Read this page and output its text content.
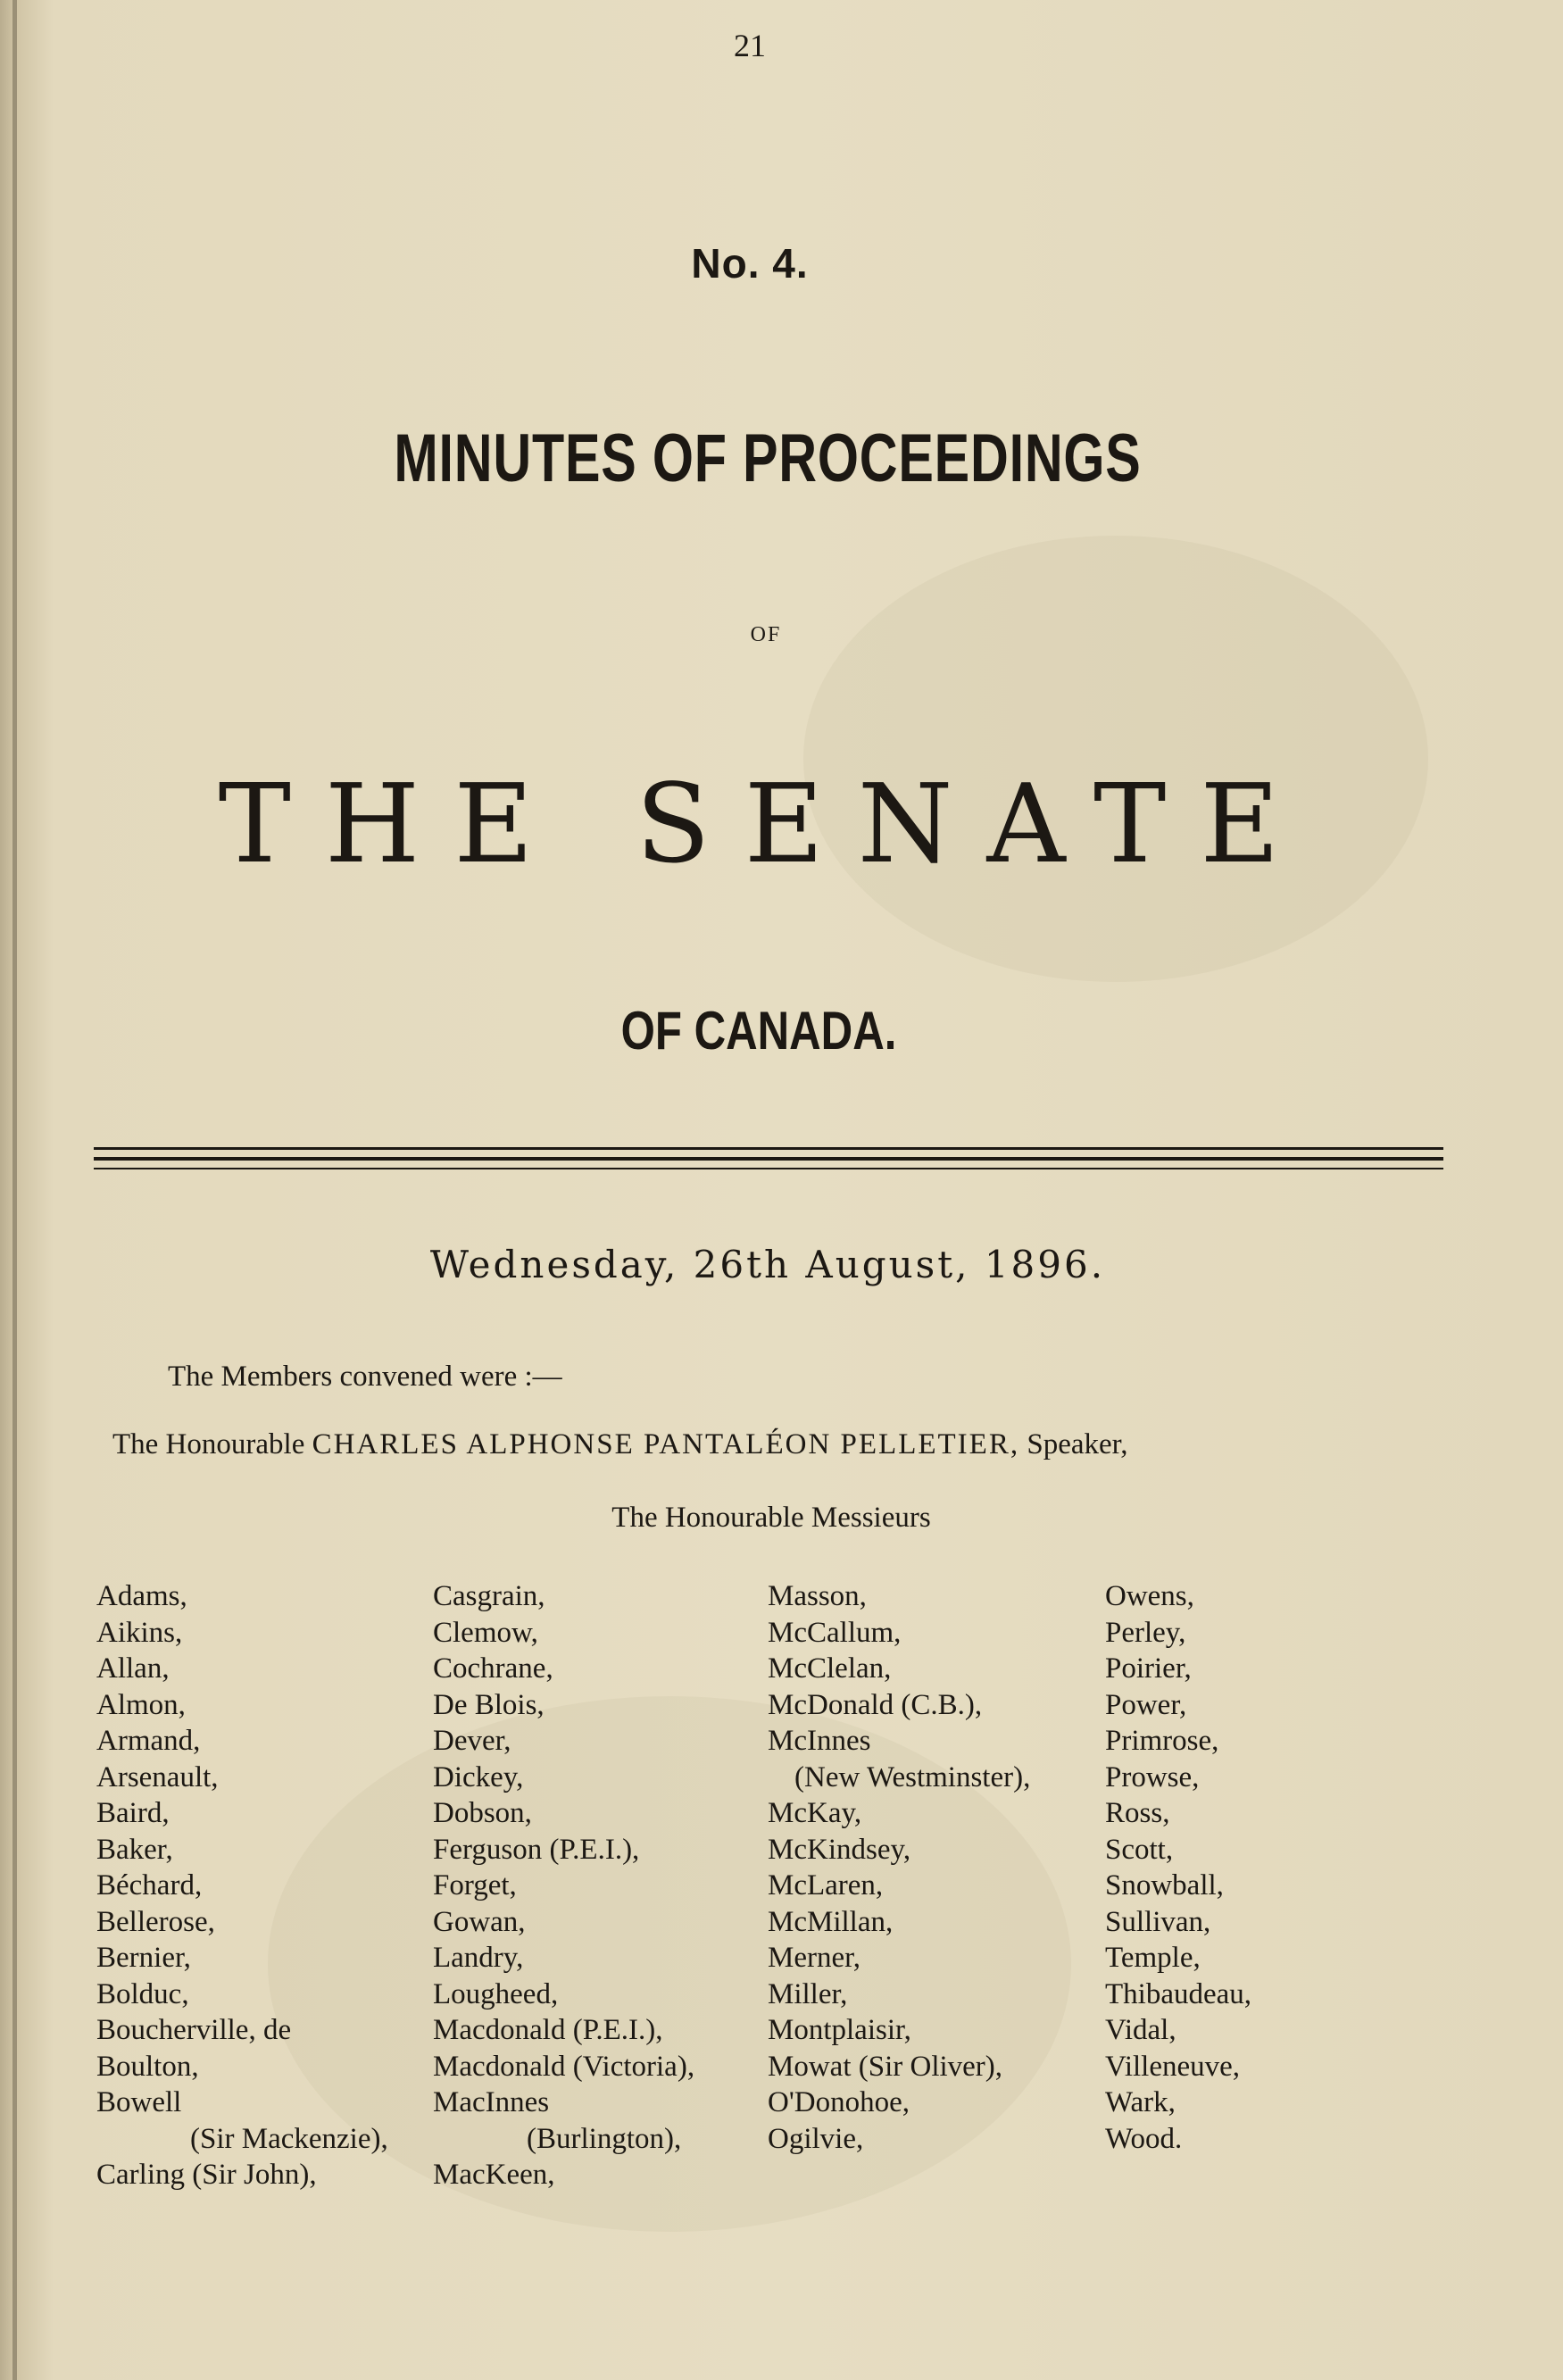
21
No. 4.
MINUTES OF PROCEEDINGS
OF
THE SENATE
OF CANADA.
Wednesday, 26th August, 1896.
The Members convened were :—
The Honourable CHARLES ALPHONSE PANTALÉON PELLETIER, Speaker,
The Honourable Messieurs
Adams,
Aikins,
Allan,
Almon,
Armand,
Arsenault,
Baird,
Baker,
Béchard,
Bellerose,
Bernier,
Bolduc,
Boucherville, de
Boulton,
Bowell
(Sir Mackenzie),
Carling (Sir John),
Casgrain,
Clemow,
Cochrane,
De Blois,
Dever,
Dickey,
Dobson,
Ferguson (P.E.I.),
Forget,
Gowan,
Landry,
Lougheed,
Macdonald (P.E.I.),
Macdonald (Victoria),
MacInnes
(Burlington),
MacKeen,
Masson,
McCallum,
McClelan,
McDonald (C.B.),
McInnes
(New Westminster),
McKay,
McKindsey,
McLaren,
McMillan,
Merner,
Miller,
Montplaisir,
Mowat (Sir Oliver),
O'Donohoe,
Ogilvie,
Owens,
Perley,
Poirier,
Power,
Primrose,
Prowse,
Ross,
Scott,
Snowball,
Sullivan,
Temple,
Thibaudeau,
Vidal,
Villeneuve,
Wark,
Wood.
